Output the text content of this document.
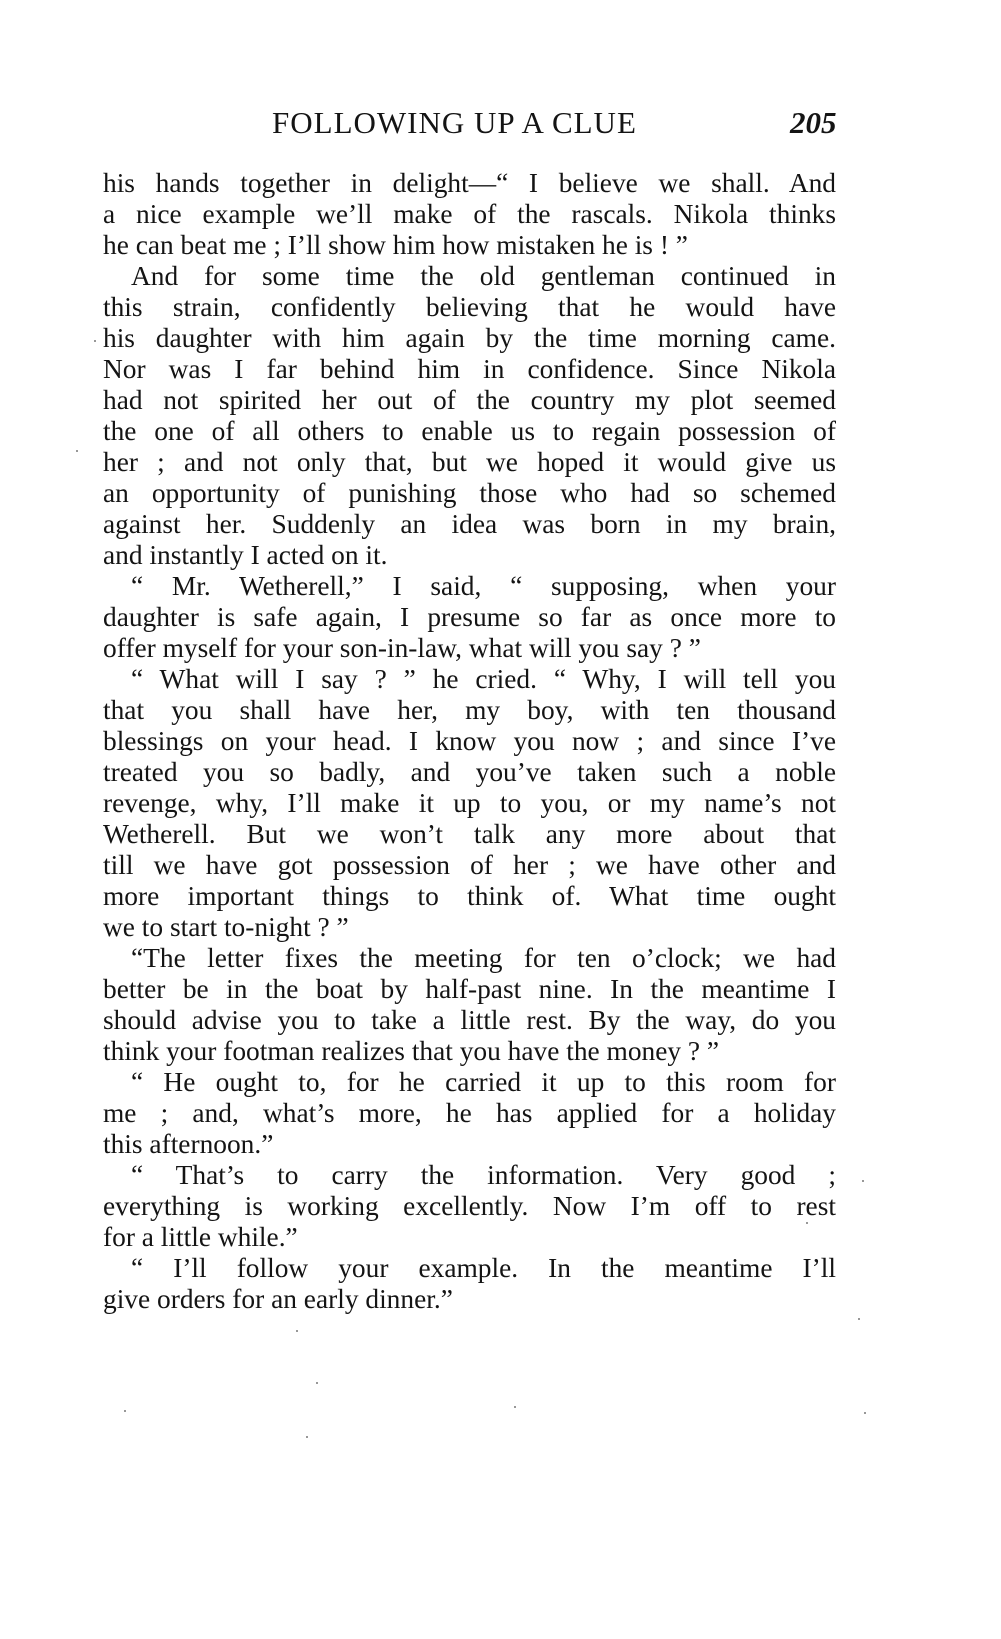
FOLLOWING UP A CLUE	205
his hands together in delight—“ I believe we shall. And
a nice example we’ll make of the rascals. Nikola thinks
he can beat me ; I’ll show him how mistaken he is ! ”
And for some time the old gentleman continued in
this strain, confidently believing that he would have
his daughter with him again by the time morning came.
Nor was I far behind him in confidence. Since Nikola
had not spirited her out of the country my plot seemed
the one of all others to enable us to regain possession of
her ; and not only that, but we hoped it would give us
an opportunity of punishing those who had so schemed
against her. Suddenly an idea was born in my brain,
and instantly I acted on it.
“ Mr. Wetherell,” I said, “ supposing, when your
daughter is safe again, I presume so far as once more to
offer myself for your son-in-law, what will you say ? ”
“ What will I say ? ” he cried. “ Why, I will tell you
that you shall have her, my boy, with ten thousand
blessings on your head. I know you now ; and since I’ve
treated you so badly, and you’ve taken such a noble
revenge, why, I’ll make it up to you, or my name’s not
Wetherell. But we won’t talk any more about that
till we have got possession of her ; we have other and
more important things to think of. What time ought
we to start to-night ? ”
“The letter fixes the meeting for ten o’clock; we had
better be in the boat by half-past nine. In the meantime I
should advise you to take a little rest. By the way, do you
think your footman realizes that you have the money ? ”
“ He ought to, for he carried it up to this room for
me ; and, what’s more, he has applied for a holiday
this afternoon.”
“ That’s to carry the information. Very good ;
everything is working excellently. Now I’m off to rest
for a little while.”
“ I’ll follow your example. In the meantime I’ll
give orders for an early dinner.”
